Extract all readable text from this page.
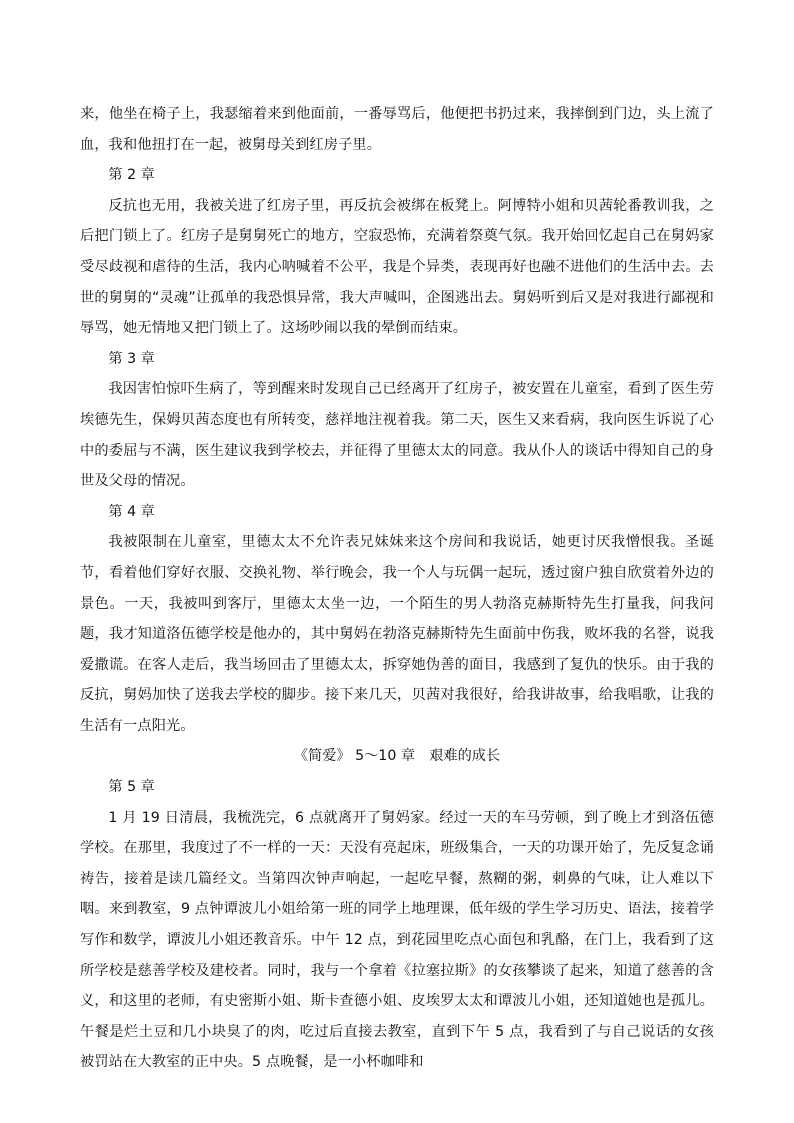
来，他坐在椅子上，我瑟缩着来到他面前，一番辱骂后，他便把书扔过来，我摔倒到门边，头上流了血，我和他扭打在一起，被舅母关到红房子里。

第 2 章

反抗也无用，我被关进了红房子里，再反抗会被绑在板凳上。阿博特小姐和贝茜轮番教训我，之后把门锁上了。红房子是舅舅死亡的地方，空寂恐怖，充满着祭奠气氛。我开始回忆起自己在舅妈家受尽歧视和虐待的生活，我内心呐喊着不公平，我是个异类，表现再好也融不进他们的生活中去。去世的舅舅的“灵魂”让孤单的我恐惧异常，我大声喊叫，企图逃出去。舅妈听到后又是对我进行鄙视和辱骂，她无情地又把门锁上了。这场吵闹以我的晕倒而结束。

第 3 章

我因害怕惊吓生病了，等到醒来时发现自己已经离开了红房子，被安置在儿童室，看到了医生劳埃德先生，保姆贝茜态度也有所转变，慈祥地注视着我。第二天，医生又来看病，我向医生诉说了心中的委屈与不满，医生建议我到学校去，并征得了里德太太的同意。我从仆人的谈话中得知自己的身世及父母的情况。

第 4 章

我被限制在儿童室，里德太太不允许表兄妹妹来这个房间和我说话，她更讨厌我憎恨我。圣诞节，看着他们穿好衣服、交换礼物、举行晚会，我一个人与玩偶一起玩，透过窗户独自欣赏着外边的景色。一天，我被叫到客厅，里德太太坐一边，一个陌生的男人勃洛克赫斯特先生打量我，问我问题，我才知道洛伍德学校是他办的，其中舅妈在勃洛克赫斯特先生面前中伤我，败坏我的名誉，说我爱撒谎。在客人走后，我当场回击了里德太太，拆穿她伪善的面目，我感到了复仇的快乐。由于我的反抗，舅妈加快了送我去学校的脚步。接下来几天，贝茜对我很好，给我讲故事，给我唱歌，让我的生活有一点阳光。

《简爱》 5～10 章　艰难的成长

第 5 章

1 月 19 日清晨，我梳洗完，6 点就离开了舅妈家。经过一天的车马劳顿，到了晚上才到洛伍德学校。在那里，我度过了不一样的一天：天没有亮起床，班级集合，一天的功课开始了，先反复念诵祷告，接着是读几篇经文。当第四次钟声响起，一起吃早餐，熬糊的粥，刺鼻的气味，让人难以下咽。来到教室，9 点钟谭波儿小姐给第一班的同学上地理课，低年级的学生学习历史、语法，接着学写作和数学，谭波儿小姐还教音乐。中午 12 点，到花园里吃点心面包和乳酪，在门上，我看到了这所学校是慈善学校及建校者。同时，我与一个拿着《拉塞拉斯》的女孩攀谈了起来，知道了慈善的含义，和这里的老师，有史密斯小姐、斯卡查德小姐、皮埃罗太太和谭波儿小姐，还知道她也是孤儿。午餐是烂土豆和几小块臭了的肉，吃过后直接去教室，直到下午 5 点，我看到了与自己说话的女孩被罚站在大教室的正中央。5 点晚餐，是一小杯咖啡和
